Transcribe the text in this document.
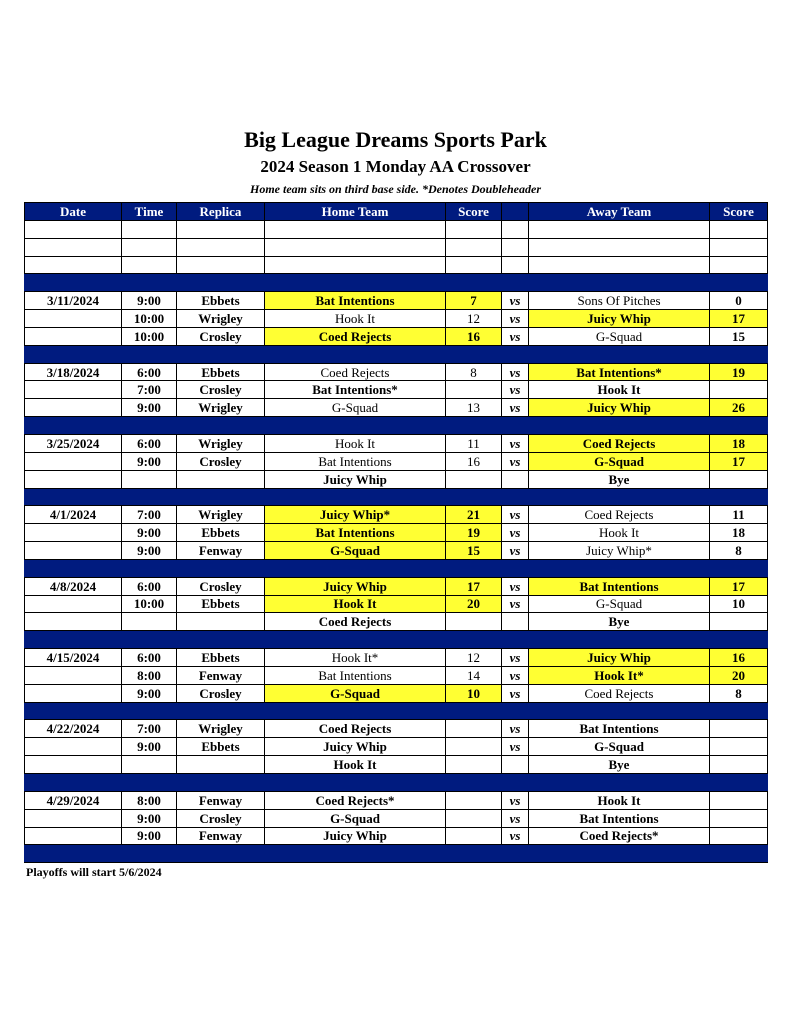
Big League Dreams Sports Park
2024 Season 1 Monday AA Crossover
Home team sits on third base side. *Denotes Doubleheader
Date	Time	Replica	Home Team	Score		Away Team	Score

3/11/2024	9:00	Ebbets	Bat Intentions	7	vs	Sons Of Pitches	0
	10:00	Wrigley	Hook It	12	vs	Juicy Whip	17
	10:00	Crosley	Coed Rejects	16	vs	G-Squad	15

3/18/2024	6:00	Ebbets	Coed Rejects	8	vs	Bat Intentions*	19
	7:00	Crosley	Bat Intentions*		vs	Hook It	
	9:00	Wrigley	G-Squad	13	vs	Juicy Whip	26

3/25/2024	6:00	Wrigley	Hook It	11	vs	Coed Rejects	18
	9:00	Crosley	Bat Intentions	16	vs	G-Squad	17
			Juicy Whip			Bye	

4/1/2024	7:00	Wrigley	Juicy Whip*	21	vs	Coed Rejects	11
	9:00	Ebbets	Bat Intentions	19	vs	Hook It	18
	9:00	Fenway	G-Squad	15	vs	Juicy Whip*	8

4/8/2024	6:00	Crosley	Juicy Whip	17	vs	Bat Intentions	17
	10:00	Ebbets	Hook It	20	vs	G-Squad	10
			Coed Rejects			Bye	

4/15/2024	6:00	Ebbets	Hook It*	12	vs	Juicy Whip	16
	8:00	Fenway	Bat Intentions	14	vs	Hook It*	20
	9:00	Crosley	G-Squad	10	vs	Coed Rejects	8

4/22/2024	7:00	Wrigley	Coed Rejects		vs	Bat Intentions	
	9:00	Ebbets	Juicy Whip		vs	G-Squad	
			Hook It			Bye	

4/29/2024	8:00	Fenway	Coed Rejects*		vs	Hook It	
	9:00	Crosley	G-Squad		vs	Bat Intentions	
	9:00	Fenway	Juicy Whip		vs	Coed Rejects*	

Playoffs will start 5/6/2024
